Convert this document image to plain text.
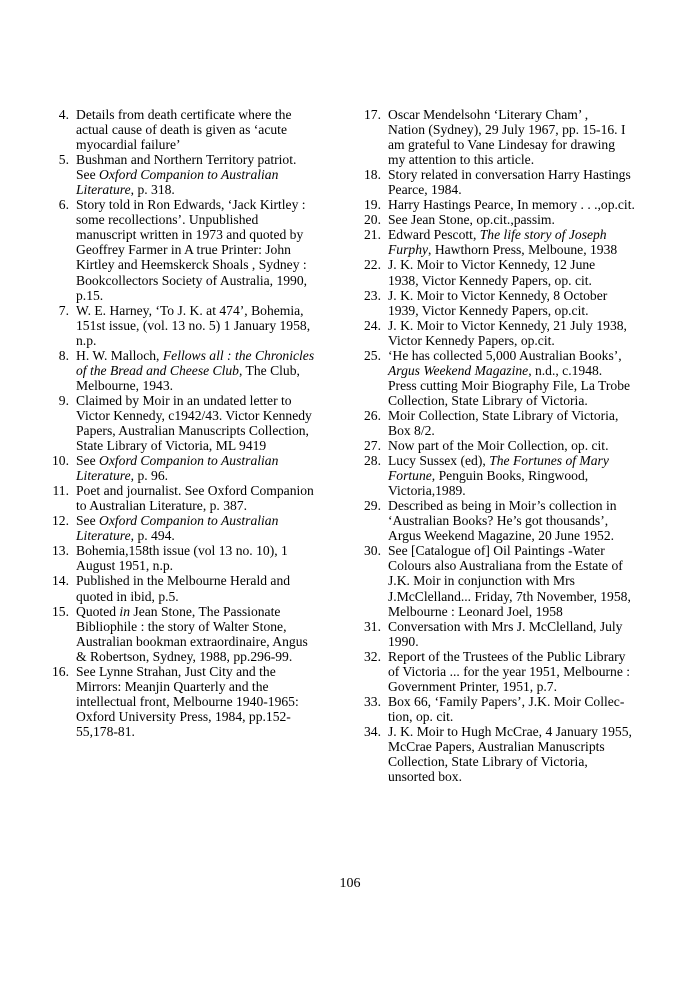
4. Details from death certificate where the
actual cause of death is given as ‘acute
myocardial failure’
5. Bushman and Northern Territory patriot.
See Oxford Companion to Australian
Literature, p. 318.
6. Story told in Ron Edwards, ‘Jack Kirtley :
some recollections’. Unpublished
manuscript written in 1973 and quoted by
Geoffrey Farmer in A true Printer: John
Kirtley and Heemskerck Shoals , Sydney :
Bookcollectors Society of Australia, 1990,
p.15.
7. W. E. Harney, ‘To J. K. at 474’, Bohemia,
151st issue, (vol. 13 no. 5) 1 January 1958,
n.p.
8. H. W. Malloch, Fellows all : the Chronicles
of the Bread and Cheese Club, The Club,
Melbourne, 1943.
9. Claimed by Moir in an undated letter to
Victor Kennedy, c1942/43. Victor Kennedy
Papers, Australian Manuscripts Collection,
State Library of Victoria, ML 9419
10. See Oxford Companion to Australian
Literature, p. 96.
11. Poet and journalist. See Oxford Companion
to Australian Literature, p. 387.
12. See Oxford Companion to Australian
Literature, p. 494.
13. Bohemia,158th issue (vol 13 no. 10), 1
August 1951, n.p.
14. Published in the Melbourne Herald and
quoted in ibid, p.5.
15. Quoted in Jean Stone, The Passionate
Bibliophile : the story of Walter Stone,
Australian bookman extraordinaire, Angus
& Robertson, Sydney, 1988, pp.296-99.
16. See Lynne Strahan, Just City and the
Mirrors: Meanjin Quarterly and the
intellectual front, Melbourne 1940-1965:
Oxford University Press, 1984, pp.152-
55,178-81.
17. Oscar Mendelsohn ‘Literary Cham’ ,
Nation (Sydney), 29 July 1967, pp. 15-16. I
am grateful to Vane Lindesay for drawing
my attention to this article.
18. Story related in conversation Harry Hastings
Pearce, 1984.
19. Harry Hastings Pearce, In memory . . .,op.cit.
20. See Jean Stone, op.cit.,passim.
21. Edward Pescott, The life story of Joseph
Furphy, Hawthorn Press, Melboune, 1938
22. J. K. Moir to Victor Kennedy, 12 June
1938, Victor Kennedy Papers, op. cit.
23. J. K. Moir to Victor Kennedy, 8 October
1939, Victor Kennedy Papers, op.cit.
24. J. K. Moir to Victor Kennedy, 21 July 1938,
Victor Kennedy Papers, op.cit.
25. ‘He has collected 5,000 Australian Books’,
Argus Weekend Magazine, n.d., c.1948.
Press cutting Moir Biography File, La Trobe
Collection, State Library of Victoria.
26. Moir Collection, State Library of Victoria,
Box 8/2.
27. Now part of the Moir Collection, op. cit.
28. Lucy Sussex (ed), The Fortunes of Mary
Fortune, Penguin Books, Ringwood,
Victoria,1989.
29. Described as being in Moir’s collection in
‘Australian Books? He’s got thousands’,
Argus Weekend Magazine, 20 June 1952.
30. See [Catalogue of] Oil Paintings -Water
Colours also Australiana from the Estate of
J.K. Moir in conjunction with Mrs
J.McClelland... Friday, 7th November, 1958,
Melbourne : Leonard Joel, 1958
31. Conversation with Mrs J. McClelland, July
1990.
32. Report of the Trustees of the Public Library
of Victoria ... for the year 1951, Melbourne :
Government Printer, 1951, p.7.
33. Box 66, ‘Family Papers’, J.K. Moir Collec-
tion, op. cit.
34. J. K. Moir to Hugh McCrae, 4 January 1955,
McCrae Papers, Australian Manuscripts
Collection, State Library of Victoria,
unsorted box.
106
